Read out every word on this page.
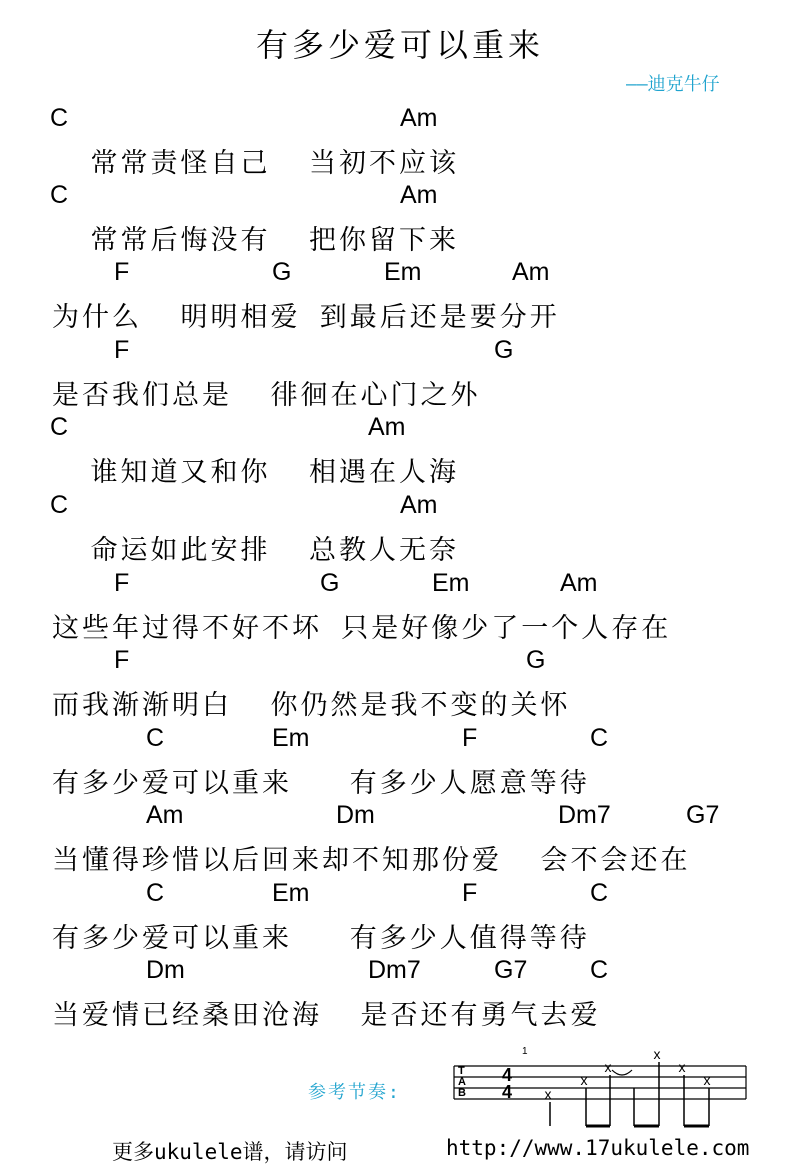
有多少爱可以重来
——迪克牛仔
C	Am
常常责怪自己  当初不应该
C	Am
常常后悔没有  把你留下来
F	G	Em	Am
为什么  明明相爱 到最后还是要分开
F	G
是否我们总是  徘徊在心门之外
C	Am
谁知道又和你  相遇在人海
C	Am
命运如此安排  总教人无奈
F	G	Em	Am
这些年过得不好不坏 只是好像少了一个人存在
F	G
而我渐渐明白  你仍然是我不变的关怀
C	Em	F	C
有多少爱可以重来   有多少人愿意等待
Am	Dm	Dm7	G7
当懂得珍惜以后回来却不知那份爱  会不会还在
C	Em	F	C
有多少爱可以重来   有多少人值得等待
Dm	Dm7	G7	C
当爱情已经桑田沧海  是否还有勇气去爱
参考节奏:
1
T
A
B
4
4 x
x
x
x
x
x
更多ukulele谱，请访问	http://www.17ukulele.com
